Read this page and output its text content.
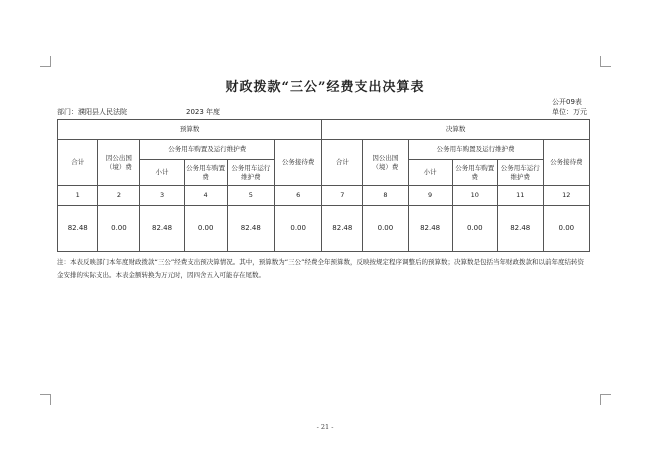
财政拨款“三公”经费支出决算表
公开09表
部门：濮阳县人民法院	2023 年度	单位：万元
预算数						决算数					
合计	因公出国（境）费	公务用车购置及运行维护费			公务接待费	合计	因公出国（境）费	公务用车购置及运行维护费			公务接待费
		小计	公务用车购置费	公务用车运行维护费				小计	公务用车购置费	公务用车运行维护费	
1	2	3	4	5	6	7	8	9	10	11	12
82.48	0.00	82.48	0.00	82.48	0.00	82.48	0.00	82.48	0.00	82.48	0.00
注：本表反映部门本年度财政拨款“三公”经费支出预决算情况。其中，预算数为“三公”经费全年预算数，反映按规定程序调整后的预算数；决算数是包括当年财政拨款和以前年度结转资金安排的实际支出。本表金额转换为万元时，因四舍五入可能存在尾数。
- 21 -
